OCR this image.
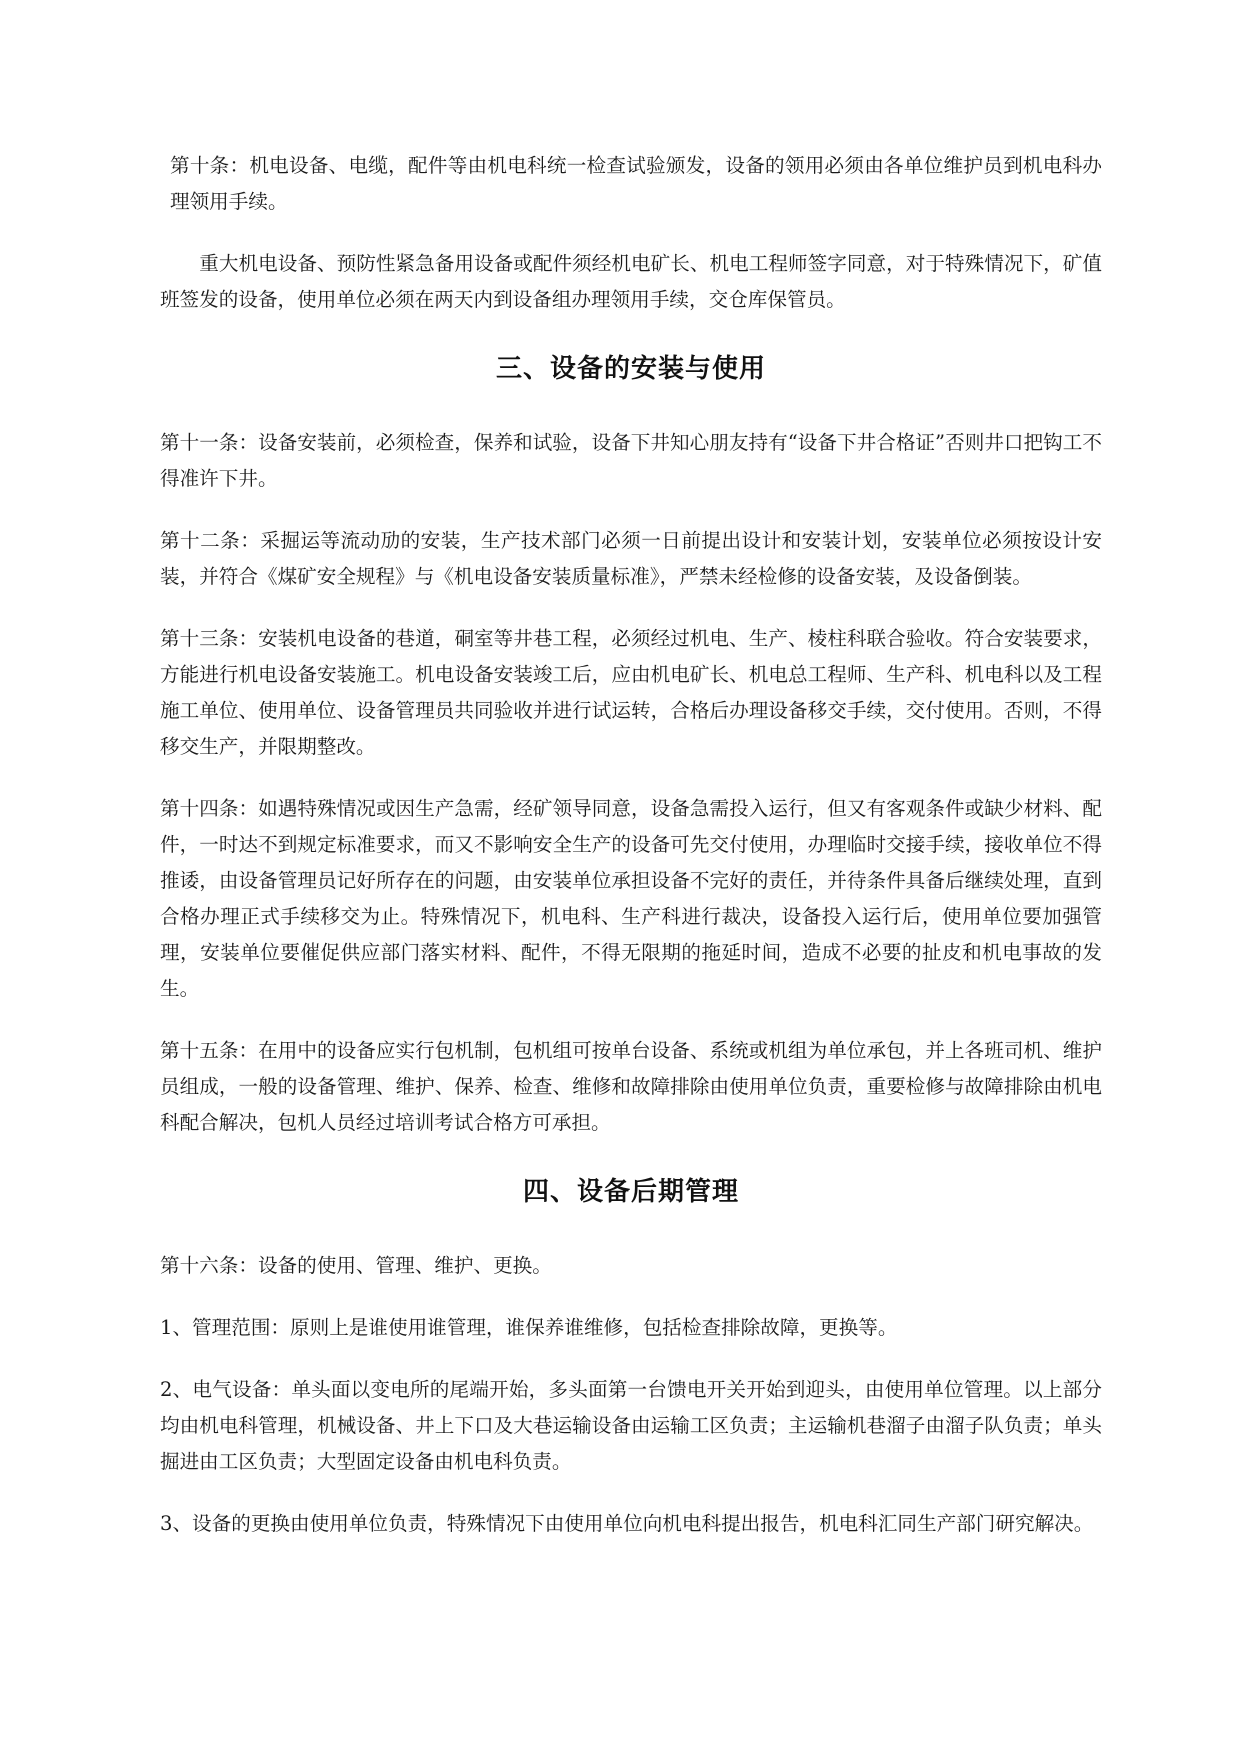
第十条：机电设备、电缆，配件等由机电科统一检查试验颁发，设备的领用必须由各单位维护员到机电科办理领用手续。

重大机电设备、预防性紧急备用设备或配件须经机电矿长、机电工程师签字同意，对于特殊情况下，矿值班签发的设备，使用单位必须在两天内到设备组办理领用手续，交仓库保管员。

三、设备的安装与使用

第十一条：设备安装前，必须检查，保养和试验，设备下井知心朋友持有“设备下井合格证”否则井口把钩工不得准许下井。

第十二条：采掘运等流动劢的安装，生产技术部门必须一日前提出设计和安装计划，安装单位必须按设计安装，并符合《煤矿安全规程》与《机电设备安装质量标准》，严禁未经检修的设备安装，及设备倒装。

第十三条：安装机电设备的巷道，硐室等井巷工程，必须经过机电、生产、棱柱科联合验收。符合安装要求，方能进行机电设备安装施工。机电设备安装竣工后，应由机电矿长、机电总工程师、生产科、机电科以及工程施工单位、使用单位、设备管理员共同验收并进行试运转，合格后办理设备移交手续，交付使用。否则，不得移交生产，并限期整改。

第十四条：如遇特殊情况或因生产急需，经矿领导同意，设备急需投入运行，但又有客观条件或缺少材料、配件，一时达不到规定标准要求，而又不影响安全生产的设备可先交付使用，办理临时交接手续，接收单位不得推诿，由设备管理员记好所存在的问题，由安装单位承担设备不完好的责任，并待条件具备后继续处理，直到合格办理正式手续移交为止。特殊情况下，机电科、生产科进行裁决，设备投入运行后，使用单位要加强管理，安装单位要催促供应部门落实材料、配件，不得无限期的拖延时间，造成不必要的扯皮和机电事故的发生。

第十五条：在用中的设备应实行包机制，包机组可按单台设备、系统或机组为单位承包，并上各班司机、维护员组成，一般的设备管理、维护、保养、检查、维修和故障排除由使用单位负责，重要检修与故障排除由机电科配合解决，包机人员经过培训考试合格方可承担。

四、设备后期管理

第十六条：设备的使用、管理、维护、更换。

1、管理范围：原则上是谁使用谁管理，谁保养谁维修，包括检查排除故障，更换等。

2、电气设备：单头面以变电所的尾端开始，多头面第一台馈电开关开始到迎头，由使用单位管理。以上部分均由机电科管理，机械设备、井上下口及大巷运输设备由运输工区负责；主运输机巷溜子由溜子队负责；单头掘进由工区负责；大型固定设备由机电科负责。

3、设备的更换由使用单位负责，特殊情况下由使用单位向机电科提出报告，机电科汇同生产部门研究解决。
